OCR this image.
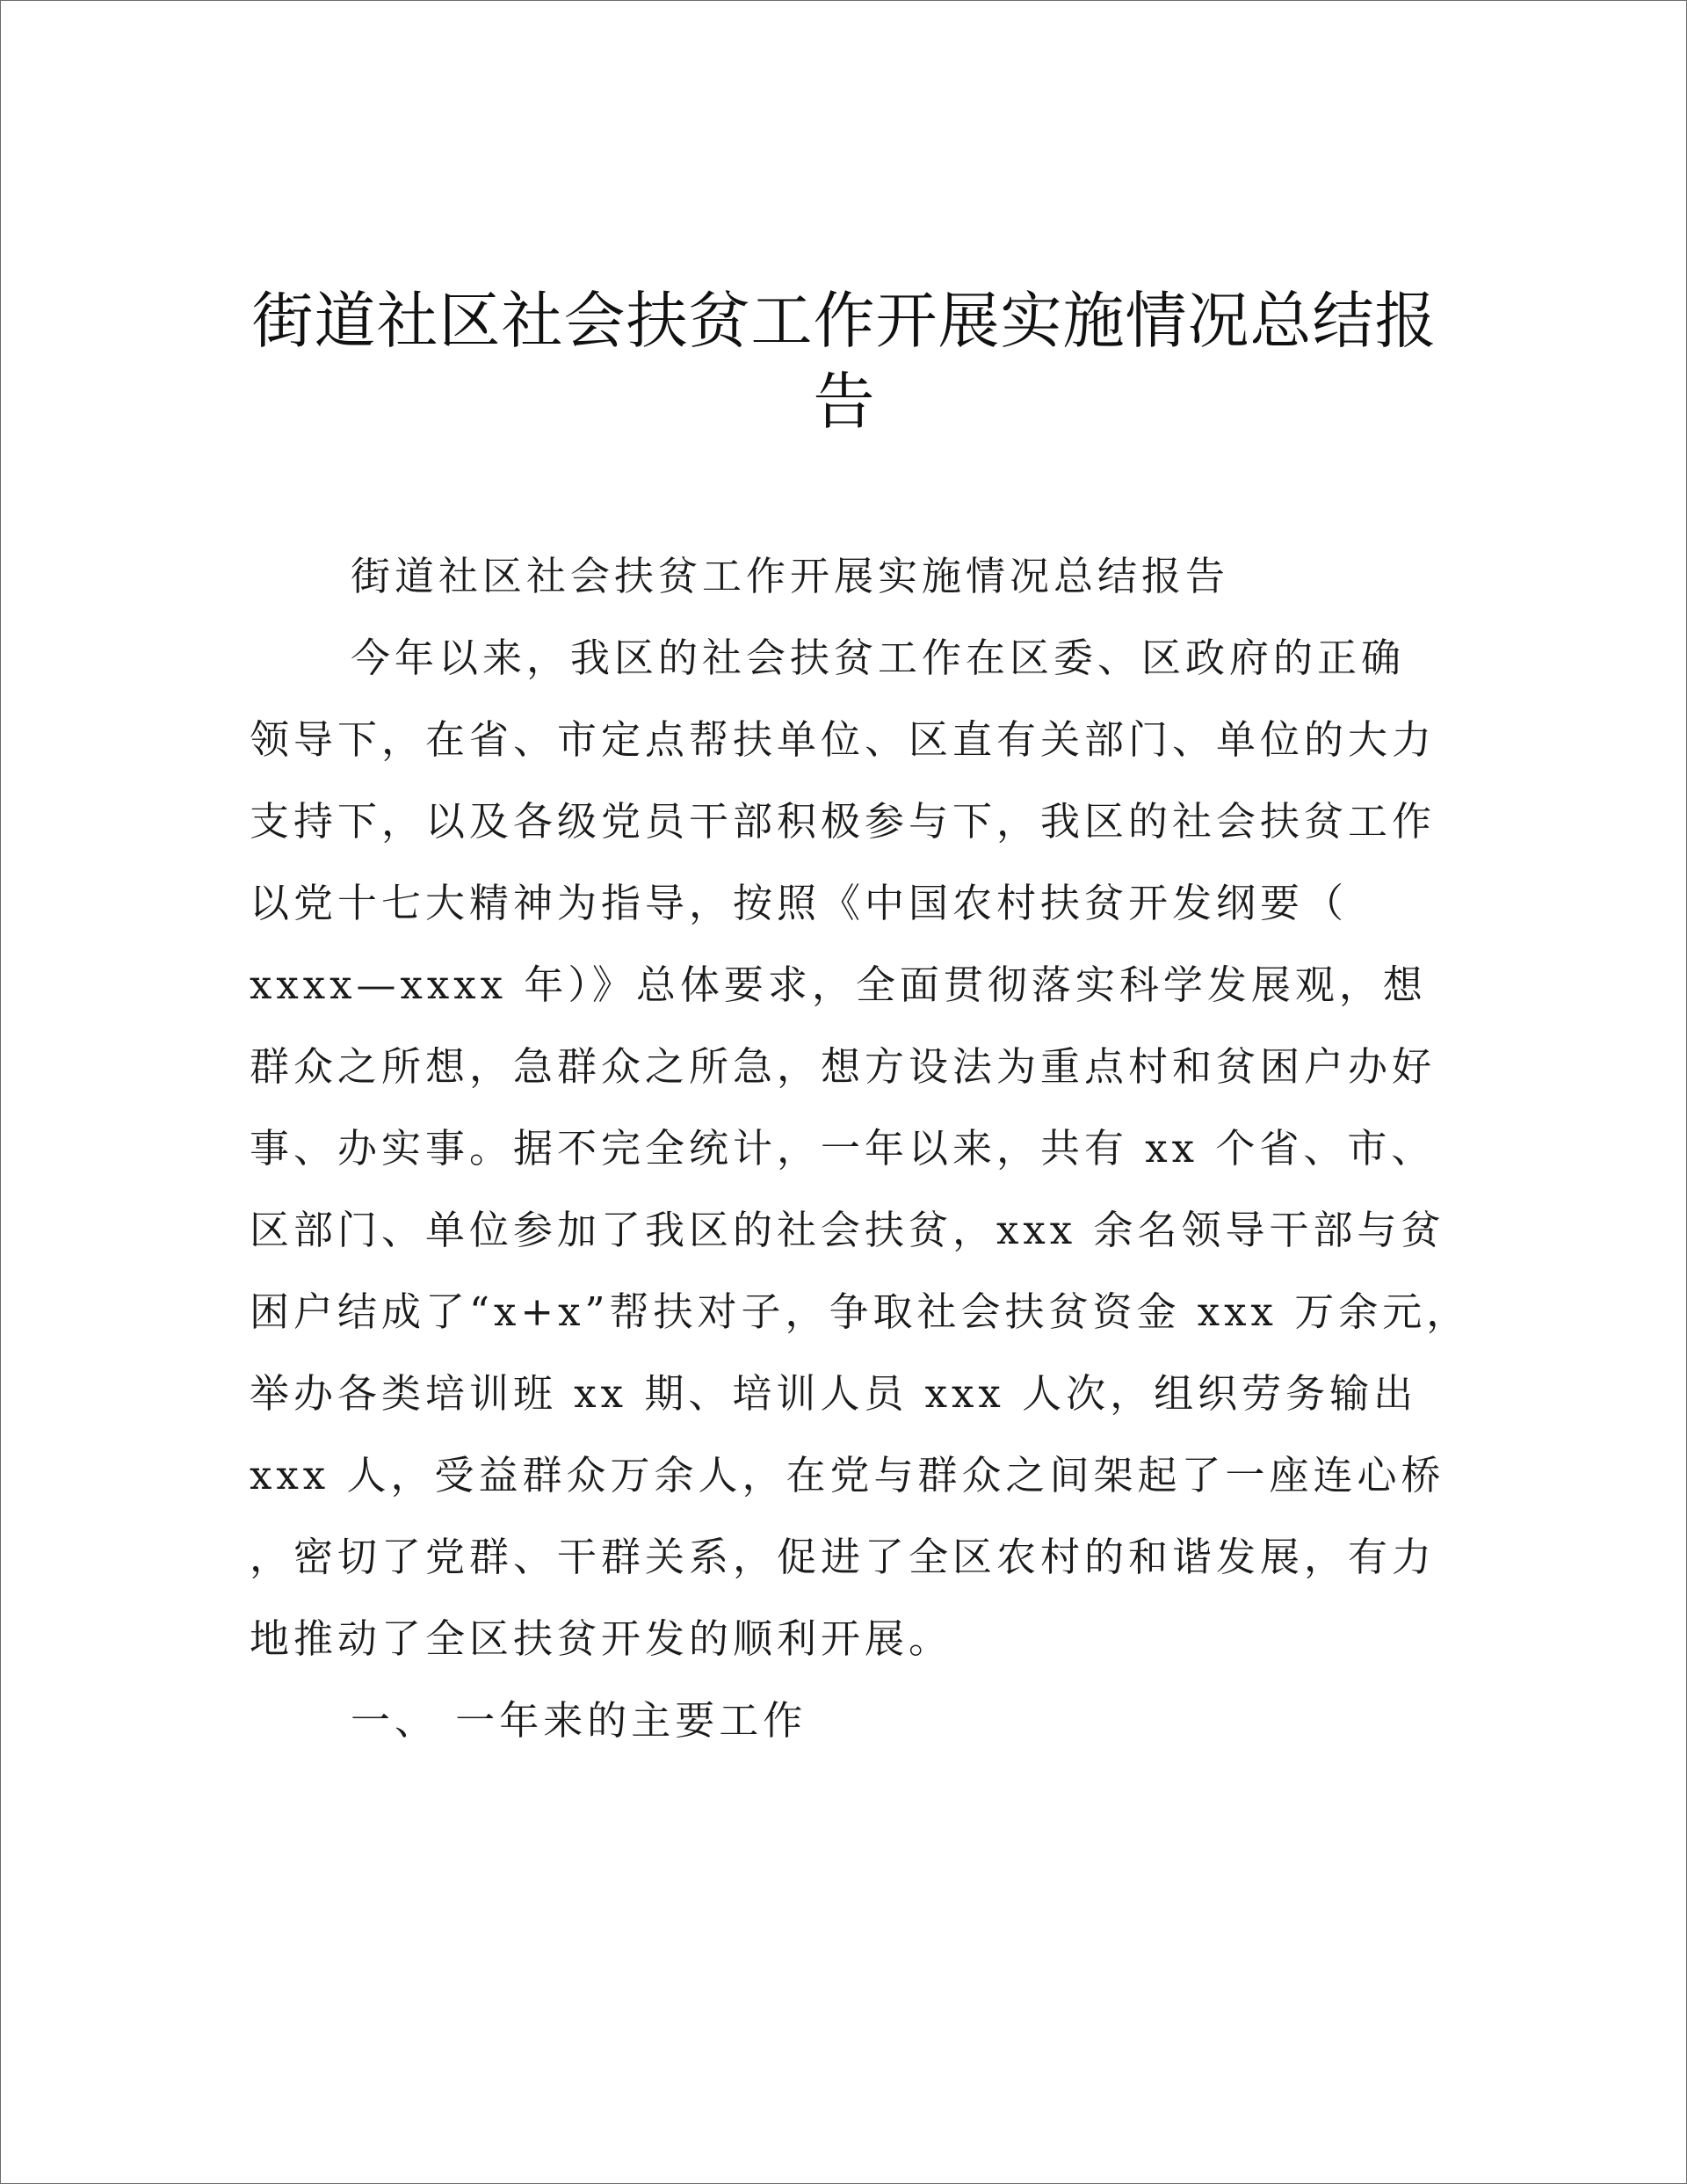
街道社区社会扶贫工作开展实施情况总结报
告
街道社区社会扶贫工作开展实施情况总结报告
今年以来，我区的社会扶贫工作在区委、区政府的正确
领导下，在省、市定点帮扶单位、区直有关部门、单位的大力
支持下，以及各级党员干部积极参与下，我区的社会扶贫工作
以党十七大精神为指导，按照《中国农村扶贫开发纲要（
xxxx—xxxx 年）》总体要求，全面贯彻落实科学发展观，想
群众之所想，急群众之所急，想方设法为重点村和贫困户办好
事、办实事。据不完全统计，一年以来，共有 xx 个省、市、
区部门、单位参加了我区的社会扶贫，xxx 余名领导干部与贫
困户结成了“x+x”帮扶对子，争取社会扶贫资金 xxx 万余元，
举办各类培训班 xx 期、培训人员 xxx 人次，组织劳务输出
xxx 人，受益群众万余人，在党与群众之间架起了一座连心桥
，密切了党群、干群关系，促进了全区农村的和谐发展，有力
地推动了全区扶贫开发的顺利开展。
一、 一年来的主要工作
